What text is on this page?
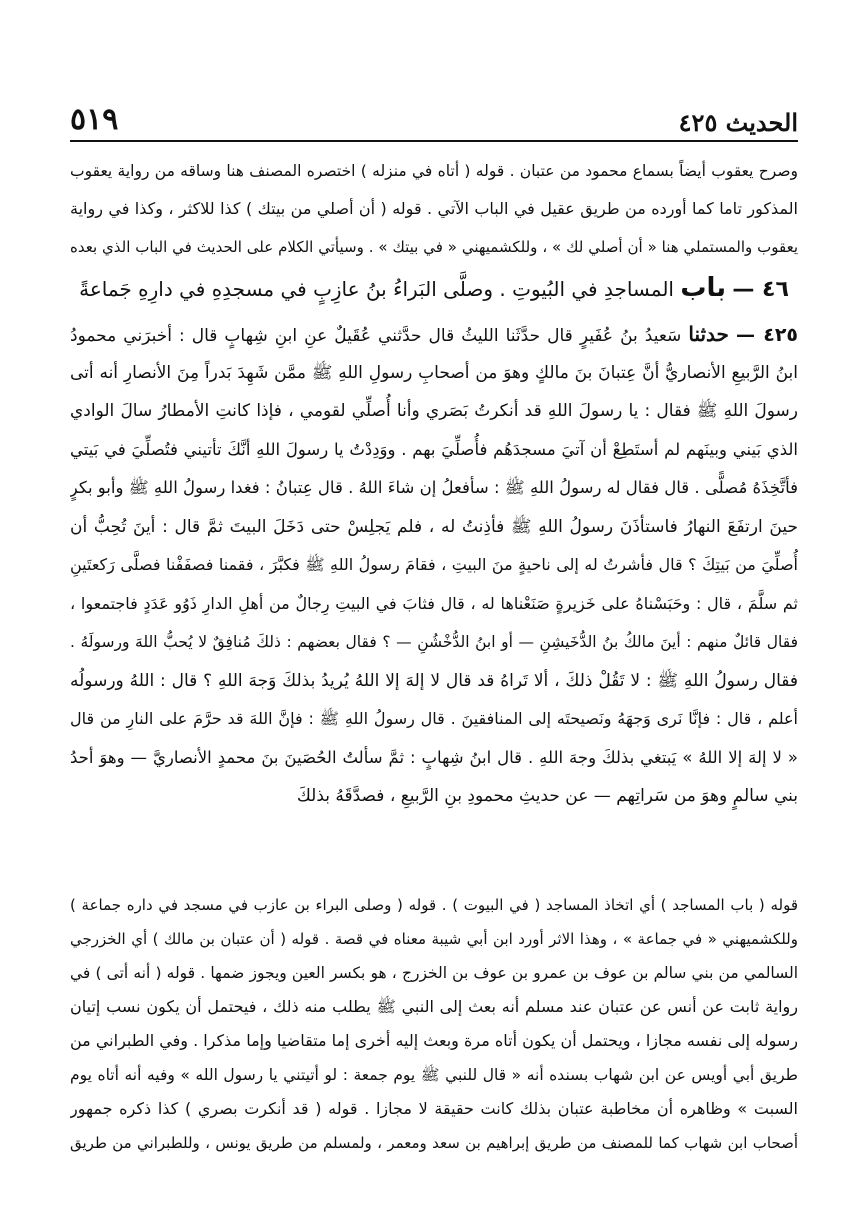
الحديث ٤٢٥
٥١٩
وصرح يعقوب أيضاً بسماع محمود من عتبان . قوله ( أتاه في منزله ) اختصره المصنف هنا وساقه من رواية يعقوب
المذكور تاما كما أورده من طريق عقيل في الباب الآتي . قوله ( أن أصلي من بيتك ) كذا للاكثر ، وكذا في رواية
يعقوب والمستملي هنا « أن أصلي لك » ، وللكشميهني « في بيتك » . وسيأتي الكلام على الحديث في الباب الذي بعده
٤٦ — باب المساجدِ في البُيوتِ . وصلَّى البَراءُ بنُ عازِبٍ في مسجدِهِ في دارِهِ جَماعةً
٤٢٥ — حدثنا سَعيدُ بنُ عُفَيرٍ قال حدَّثَنا الليثُ قال حدَّثني عُقَيلٌ عنِ ابنِ شِهابٍ قال : أخبرَني محمودُ
ابنُ الرَّبيعِ الأنصاريُّ أنَّ عِتبانَ بنَ مالكٍ وهوَ من أصحابِ رسولِ اللهِ ﷺ ممَّن شَهِدَ بَدراً مِنَ الأنصارِ أنه أتى
رسولَ اللهِ ﷺ فقال : يا رسولَ اللهِ قد أنكرتُ بَصَري وأنا أُصلِّي لقومي ، فإذا كانتِ الأمطارُ سالَ الوادي
الذي بَيني وبينَهم لم أستَطِعْ أن آتيَ مسجدَهُم فأُصلِّيَ بهم . ووَدِدْتُ يا رسولَ اللهِ أنَّكَ تأتيني فتُصلِّيَ في بَيتي
فأتَّخِذَهُ مُصلًّى . قال فقال له رسولُ اللهِ ﷺ : سأفعلُ إن شاءَ اللهُ . قال عِتبانُ : فغدا رسولُ اللهِ ﷺ وأبو بكرٍ
حينَ ارتفَعَ النهارُ فاستأذَنَ رسولُ اللهِ ﷺ فأذِنتُ له ، فلم يَجلِسْ حتى دَخَلَ البيتَ ثمَّ قال : أينَ تُحِبُّ أن
أُصلِّيَ من بَيتِكَ ؟ قال فأشرتُ له إلى ناحيةٍ منَ البيتِ ، فقامَ رسولُ اللهِ ﷺ فكبَّرَ ، فقمنا فصفَفْنا فصلَّى رَكعتَينِ
ثم سلَّمَ ، قال : وحَبَسْناهُ على خَزيرةٍ صَنَعْناها له ، قال فثابَ في البيتِ رِجالٌ من أهلِ الدارِ ذَوُو عَدَدٍ فاجتمعوا ،
فقال قائلٌ منهم : أينَ مالكُ بنُ الدُّخَيشِنِ — أو ابنُ الدُّخْشُنِ — ؟ فقال بعضهم : ذلكَ مُنافِقٌ لا يُحبُّ اللهَ ورسولَهُ .
فقال رسولُ اللهِ ﷺ : لا تَقُلْ ذلكَ ، ألا تَراهُ قد قال لا إلهَ إلا اللهُ يُريدُ بذلكَ وَجهَ اللهِ ؟ قال : اللهُ ورسولُه
أعلم ، قال : فإنَّا نَرى وَجهَهُ ونَصيحتَه إلى المنافقينَ . قال رسولُ اللهِ ﷺ : فإنَّ اللهَ قد حرَّمَ على النارِ من قال
« لا إلهَ إلا اللهُ » يَبتغي بذلكَ وجهَ اللهِ . قال ابنُ شِهابٍ : ثمَّ سألتُ الحُصَينَ بنَ محمدٍ الأنصاريَّ — وهوَ أحدُ
بني سالمٍ وهوَ من سَراتِهم — عن حديثِ محمودِ بنِ الرَّبيعِ ، فصدَّقَهُ بذلكَ
قوله ( باب المساجد ) أي اتخاذ المساجد ( في البيوت ) . قوله ( وصلى البراء بن عازب في مسجد في داره جماعة )
وللكشميهني « في جماعة » ، وهذا الاثر أورد ابن أبي شيبة معناه في قصة . قوله ( أن عتبان بن مالك ) أي الخزرجي
السالمي من بني سالم بن عوف بن عمرو بن عوف بن الخزرج ، هو بكسر العين ويجوز ضمها . قوله ( أنه أتى ) في
رواية ثابت عن أنس عن عتبان عند مسلم أنه بعث إلى النبي ﷺ يطلب منه ذلك ، فيحتمل أن يكون نسب إتيان
رسوله إلى نفسه مجازا ، ويحتمل أن يكون أتاه مرة وبعث إليه أخرى إما متقاضيا وإما مذكرا . وفي الطبراني من
طريق أبي أويس عن ابن شهاب بسنده أنه « قال للنبي ﷺ يوم جمعة : لو أتيتني يا رسول الله » وفيه أنه أتاه يوم
السبت » وظاهره أن مخاطبة عتبان بذلك كانت حقيقة لا مجازا . قوله ( قد أنكرت بصري ) كذا ذكره جمهور
أصحاب ابن شهاب كما للمصنف من طريق إبراهيم بن سعد ومعمر ، ولمسلم من طريق يونس ، وللطبراني من طريق
